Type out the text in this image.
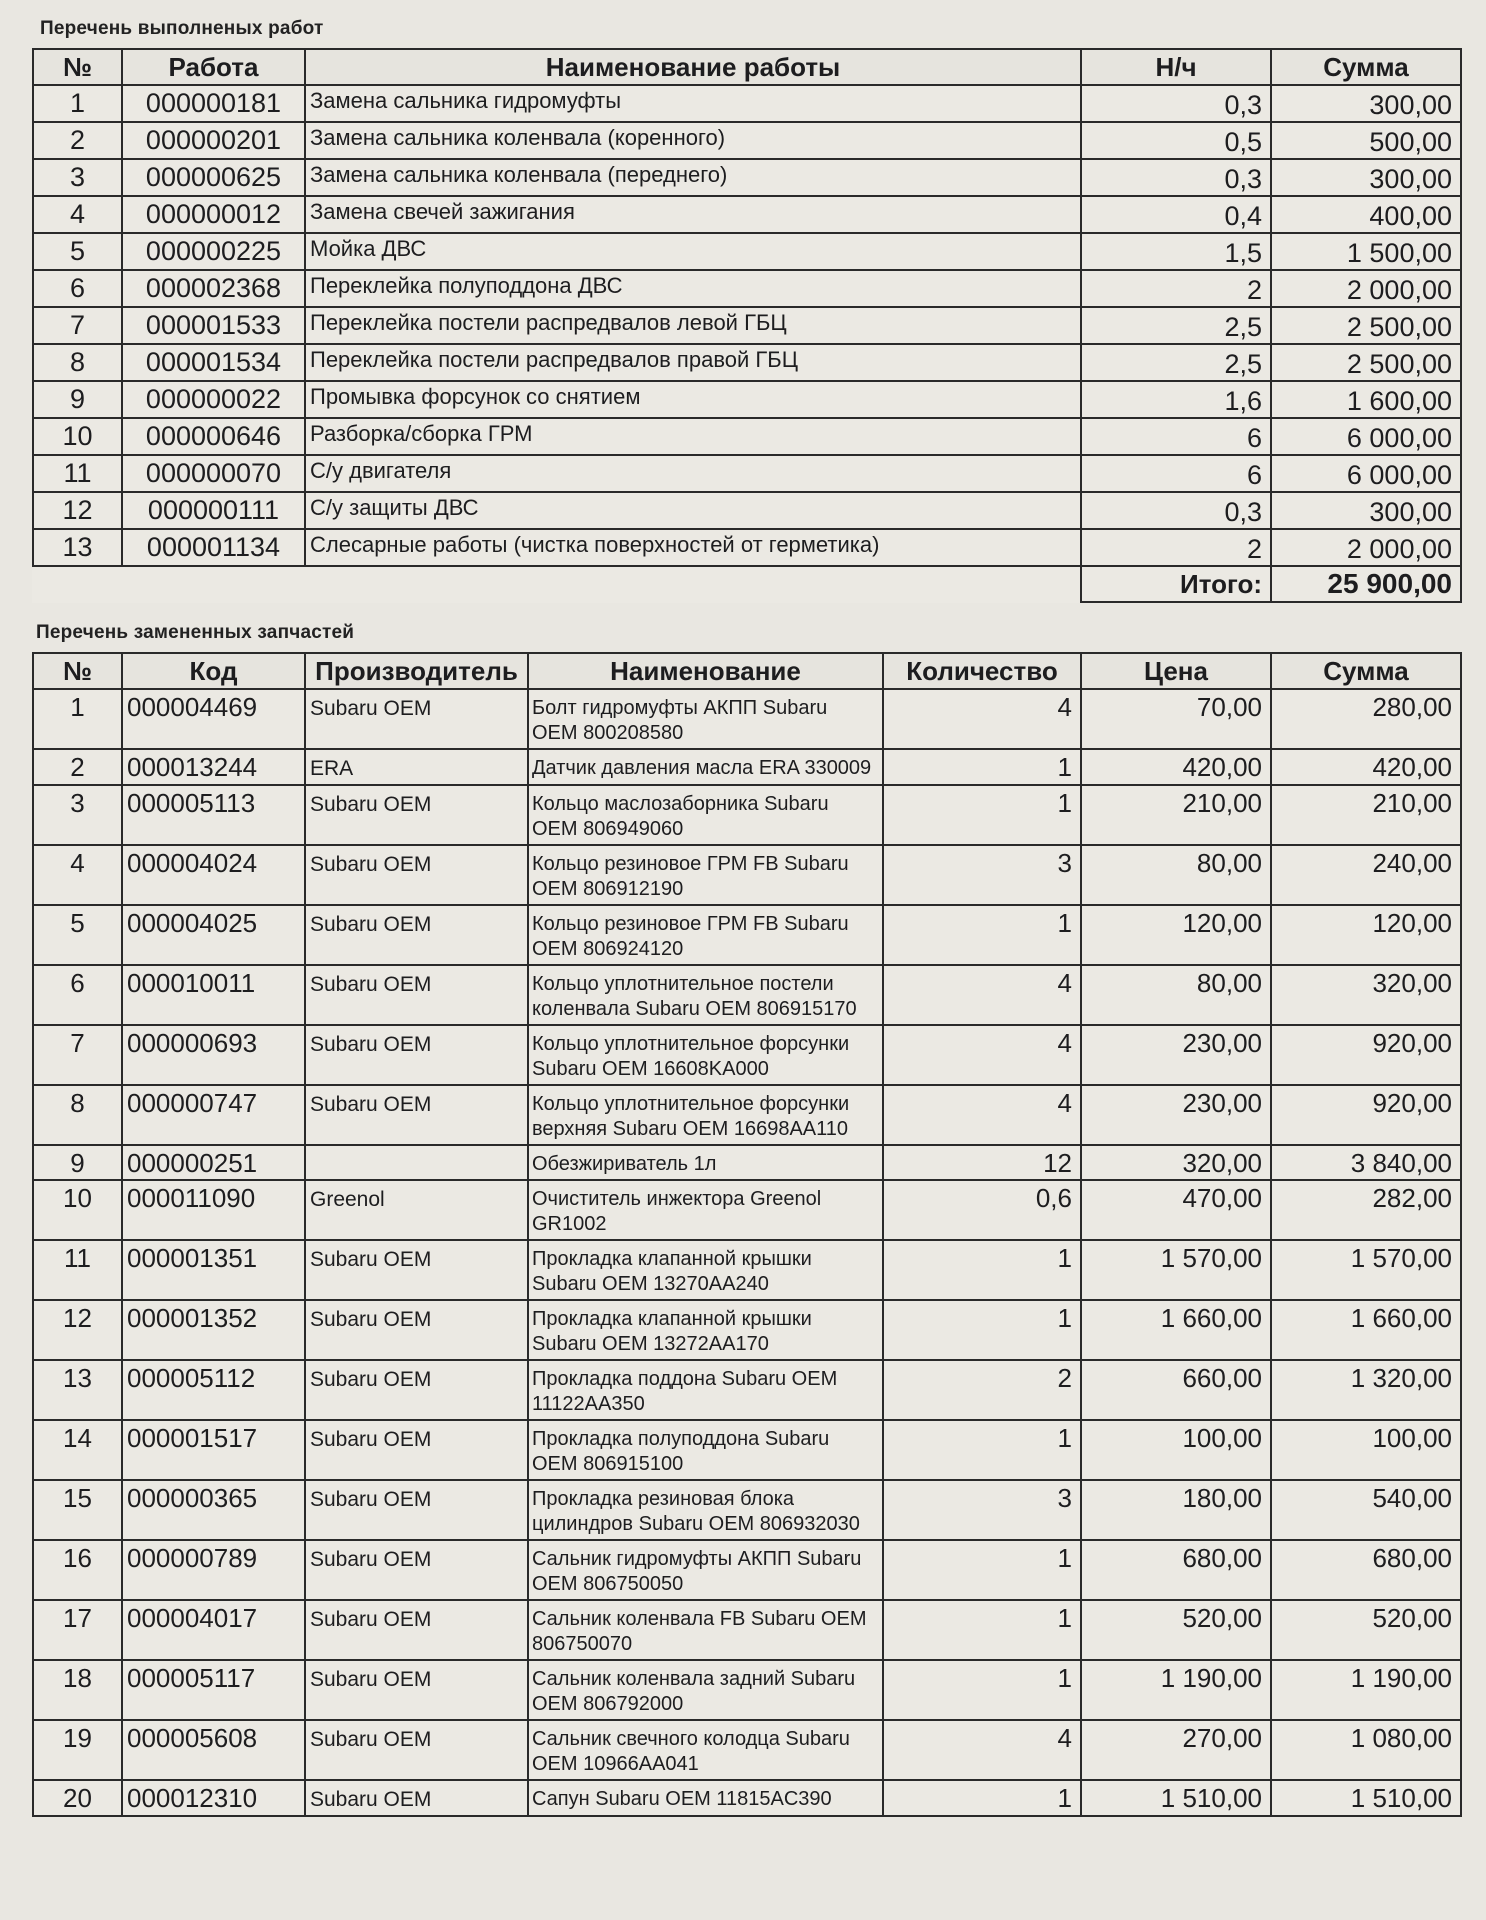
Перечень выполненых работ
№	Работа	Наименование работы	Н/ч	Сумма
1	000000181	Замена сальника гидромуфты	0,3	300,00
2	000000201	Замена сальника коленвала (коренного)	0,5	500,00
3	000000625	Замена сальника коленвала (переднего)	0,3	300,00
4	000000012	Замена свечей зажигания	0,4	400,00
5	000000225	Мойка ДВС	1,5	1 500,00
6	000002368	Переклейка полуподдона ДВС	2	2 000,00
7	000001533	Переклейка постели распредвалов левой ГБЦ	2,5	2 500,00
8	000001534	Переклейка постели распредвалов правой ГБЦ	2,5	2 500,00
9	000000022	Промывка форсунок со снятием	1,6	1 600,00
10	000000646	Разборка/сборка ГРМ	6	6 000,00
11	000000070	С/у двигателя	6	6 000,00
12	000000111	С/у защиты ДВС	0,3	300,00
13	000001134	Слесарные работы (чистка поверхностей от герметика)	2	2 000,00
			Итого:	25 900,00
Перечень замененных запчастей
№	Код	Производитель	Наименование	Количество	Цена	Сумма
1	000004469	Subaru OEM	Болт гидромуфты АКПП Subaru OEM 800208580	4	70,00	280,00
2	000013244	ERA	Датчик давления масла ERA 330009	1	420,00	420,00
3	000005113	Subaru OEM	Кольцо маслозаборника Subaru OEM 806949060	1	210,00	210,00
4	000004024	Subaru OEM	Кольцо резиновое ГРМ FB Subaru OEM 806912190	3	80,00	240,00
5	000004025	Subaru OEM	Кольцо резиновое ГРМ FB Subaru OEM 806924120	1	120,00	120,00
6	000010011	Subaru OEM	Кольцо уплотнительное постели коленвала Subaru OEM 806915170	4	80,00	320,00
7	000000693	Subaru OEM	Кольцо уплотнительное форсунки Subaru OEM 16608KA000	4	230,00	920,00
8	000000747	Subaru OEM	Кольцо уплотнительное форсунки верхняя Subaru OEM 16698AA110	4	230,00	920,00
9	000000251		Обезжириватель 1л	12	320,00	3 840,00
10	000011090	Greenol	Очиститель инжектора Greenol GR1002	0,6	470,00	282,00
11	000001351	Subaru OEM	Прокладка клапанной крышки Subaru OEM 13270AA240	1	1 570,00	1 570,00
12	000001352	Subaru OEM	Прокладка клапанной крышки Subaru OEM 13272AA170	1	1 660,00	1 660,00
13	000005112	Subaru OEM	Прокладка поддона Subaru OEM 11122AA350	2	660,00	1 320,00
14	000001517	Subaru OEM	Прокладка полуподдона Subaru OEM 806915100	1	100,00	100,00
15	000000365	Subaru OEM	Прокладка резиновая блока цилиндров Subaru OEM 806932030	3	180,00	540,00
16	000000789	Subaru OEM	Сальник гидромуфты АКПП Subaru OEM 806750050	1	680,00	680,00
17	000004017	Subaru OEM	Сальник коленвала FB Subaru OEM 806750070	1	520,00	520,00
18	000005117	Subaru OEM	Сальник коленвала задний Subaru OEM 806792000	1	1 190,00	1 190,00
19	000005608	Subaru OEM	Сальник свечного колодца Subaru OEM 10966AA041	4	270,00	1 080,00
20	000012310	Subaru OEM	Сапун Subaru OEM 11815AC390	1	1 510,00	1 510,00
